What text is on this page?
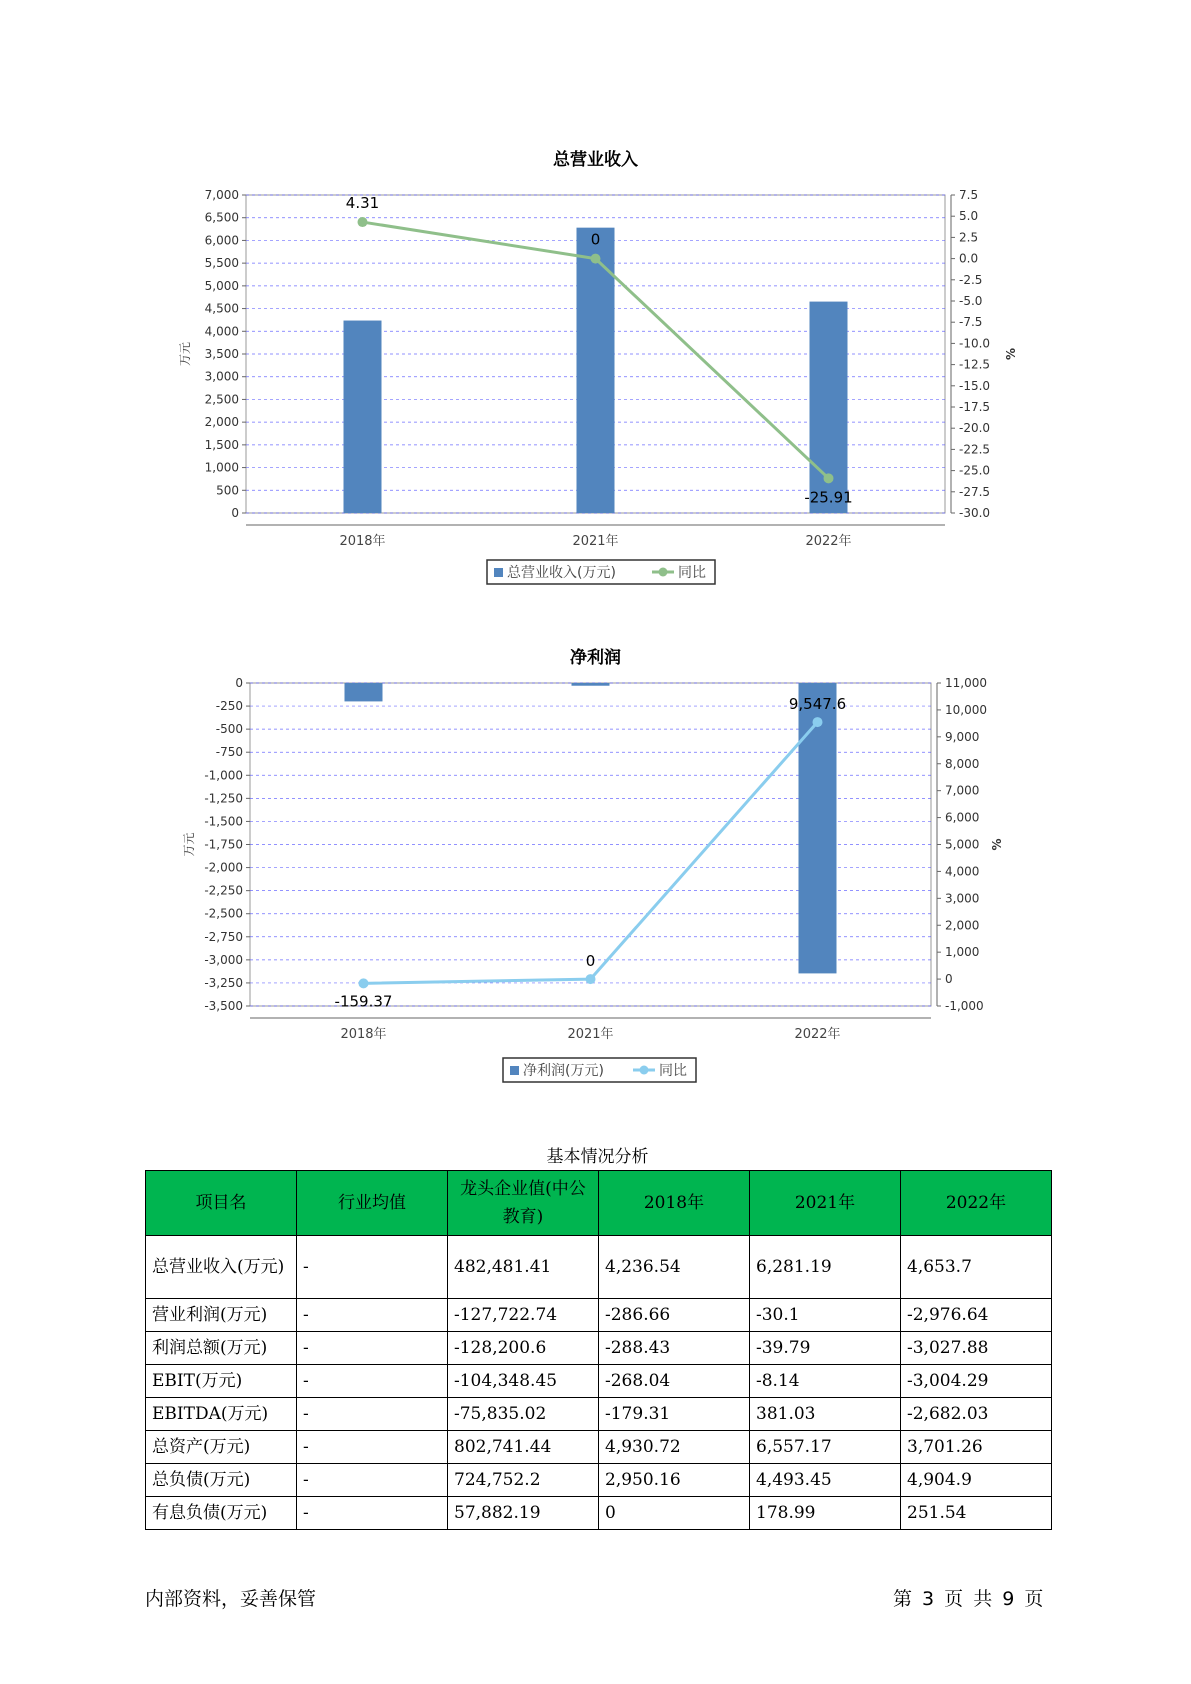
总营业收入
0
500
1,000
1,500
2,000
2,500
3,000
3,500
4,000
4,500
5,000
5,500
6,000
6,500
7,000	7.5
5.0
2.5
0.0
-2.5
-5.0
-7.5
-10.0
-12.5
-15.0
-17.5
-20.0
-22.5
-25.0
-27.5
-30.0
万元	%
2018年	2021年	2022年
4.31
0
-25.91
总营业收入(万元)	同比
净利润
0
-250
-500
-750
-1,000
-1,250
-1,500
-1,750
-2,000
-2,250
-2,500
-2,750
-3,000
-3,250
-3,500
11,000
10,000
9,000
8,000
7,000
6,000
5,000
4,000
3,000
2,000
1,000
0
-1,000
万元	%
2018年	2021年	2022年
-159.37
0
9,547.6
净利润(万元)	同比
基本情况分析
项目名	行业均值	龙头企业值(中公教育)	2018年	2021年	2022年
总营业收入(万元)	-	482,481.41	4,236.54	6,281.19	4,653.7
营业利润(万元)	-	-127,722.74	-286.66	-30.1	-2,976.64
利润总额(万元)	-	-128,200.6	-288.43	-39.79	-3,027.88
EBIT(万元)	-	-104,348.45	-268.04	-8.14	-3,004.29
EBITDA(万元)	-	-75,835.02	-179.31	381.03	-2,682.03
总资产(万元)	-	802,741.44	4,930.72	6,557.17	3,701.26
总负债(万元)	-	724,752.2	2,950.16	4,493.45	4,904.9
有息负债(万元)	-	57,882.19	0	178.99	251.54
内部资料，妥善保管	第 3 页 共 9 页
